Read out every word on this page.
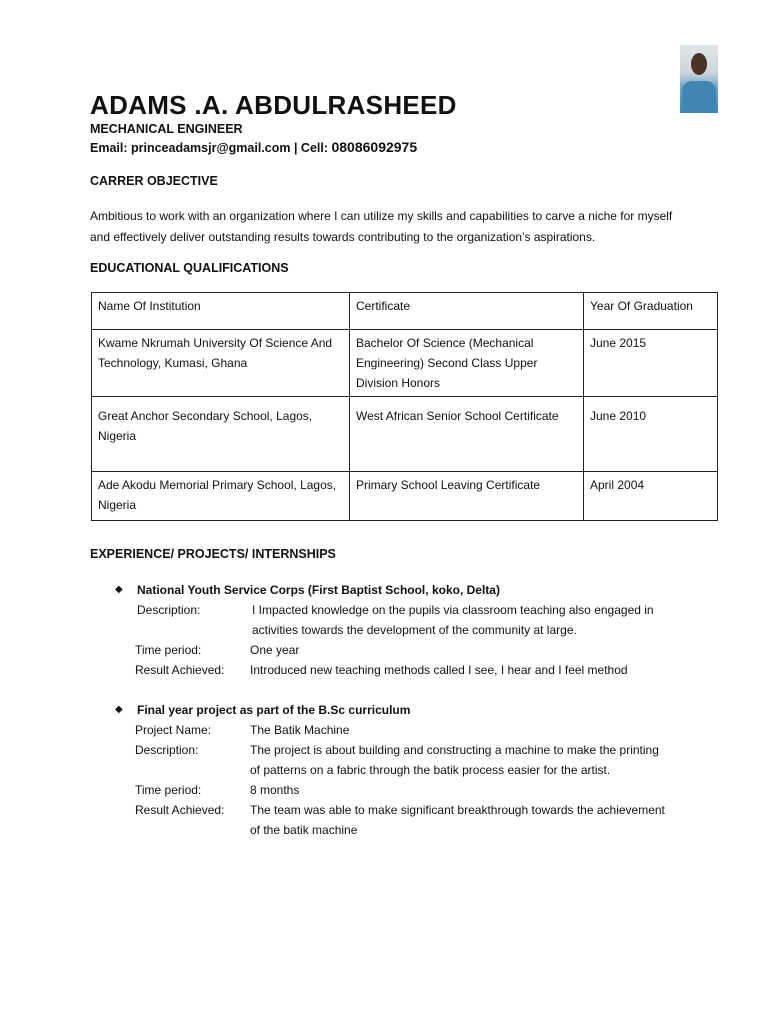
ADAMS .A. ABDULRASHEED
MECHANICAL ENGINEER
Email: princeadamsjr@gmail.com | Cell: 08086092975
CARRER OBJECTIVE
Ambitious to work with an organization where I can utilize my skills and capabilities to carve a niche for myself and effectively deliver outstanding results towards contributing to the organization’s aspirations.
EDUCATIONAL QUALIFICATIONS
Name Of Institution	Certificate	Year Of Graduation
Kwame Nkrumah University Of Science And Technology, Kumasi, Ghana	Bachelor Of Science (Mechanical Engineering) Second Class Upper Division Honors	June 2015
Great Anchor Secondary School, Lagos, Nigeria	West African Senior School Certificate	June 2010
Ade Akodu Memorial Primary School, Lagos, Nigeria	Primary School Leaving Certificate	April 2004
EXPERIENCE/ PROJECTS/ INTERNSHIPS
◆	National Youth Service Corps (First Baptist School, koko, Delta)
Description:	I Impacted knowledge on the pupils via classroom teaching also engaged in activities towards the development of the community at large.
Time period:	One year
Result Achieved:	Introduced new teaching methods called I see, I hear and I feel method
◆	Final year project as part of the B.Sc curriculum
Project Name:	The Batik Machine
Description:	The project is about building and constructing a machine to make the printing of patterns on a fabric through the batik process easier for the artist.
Time period:	8 months
Result Achieved:	The team was able to make significant breakthrough towards the achievement of the batik machine
